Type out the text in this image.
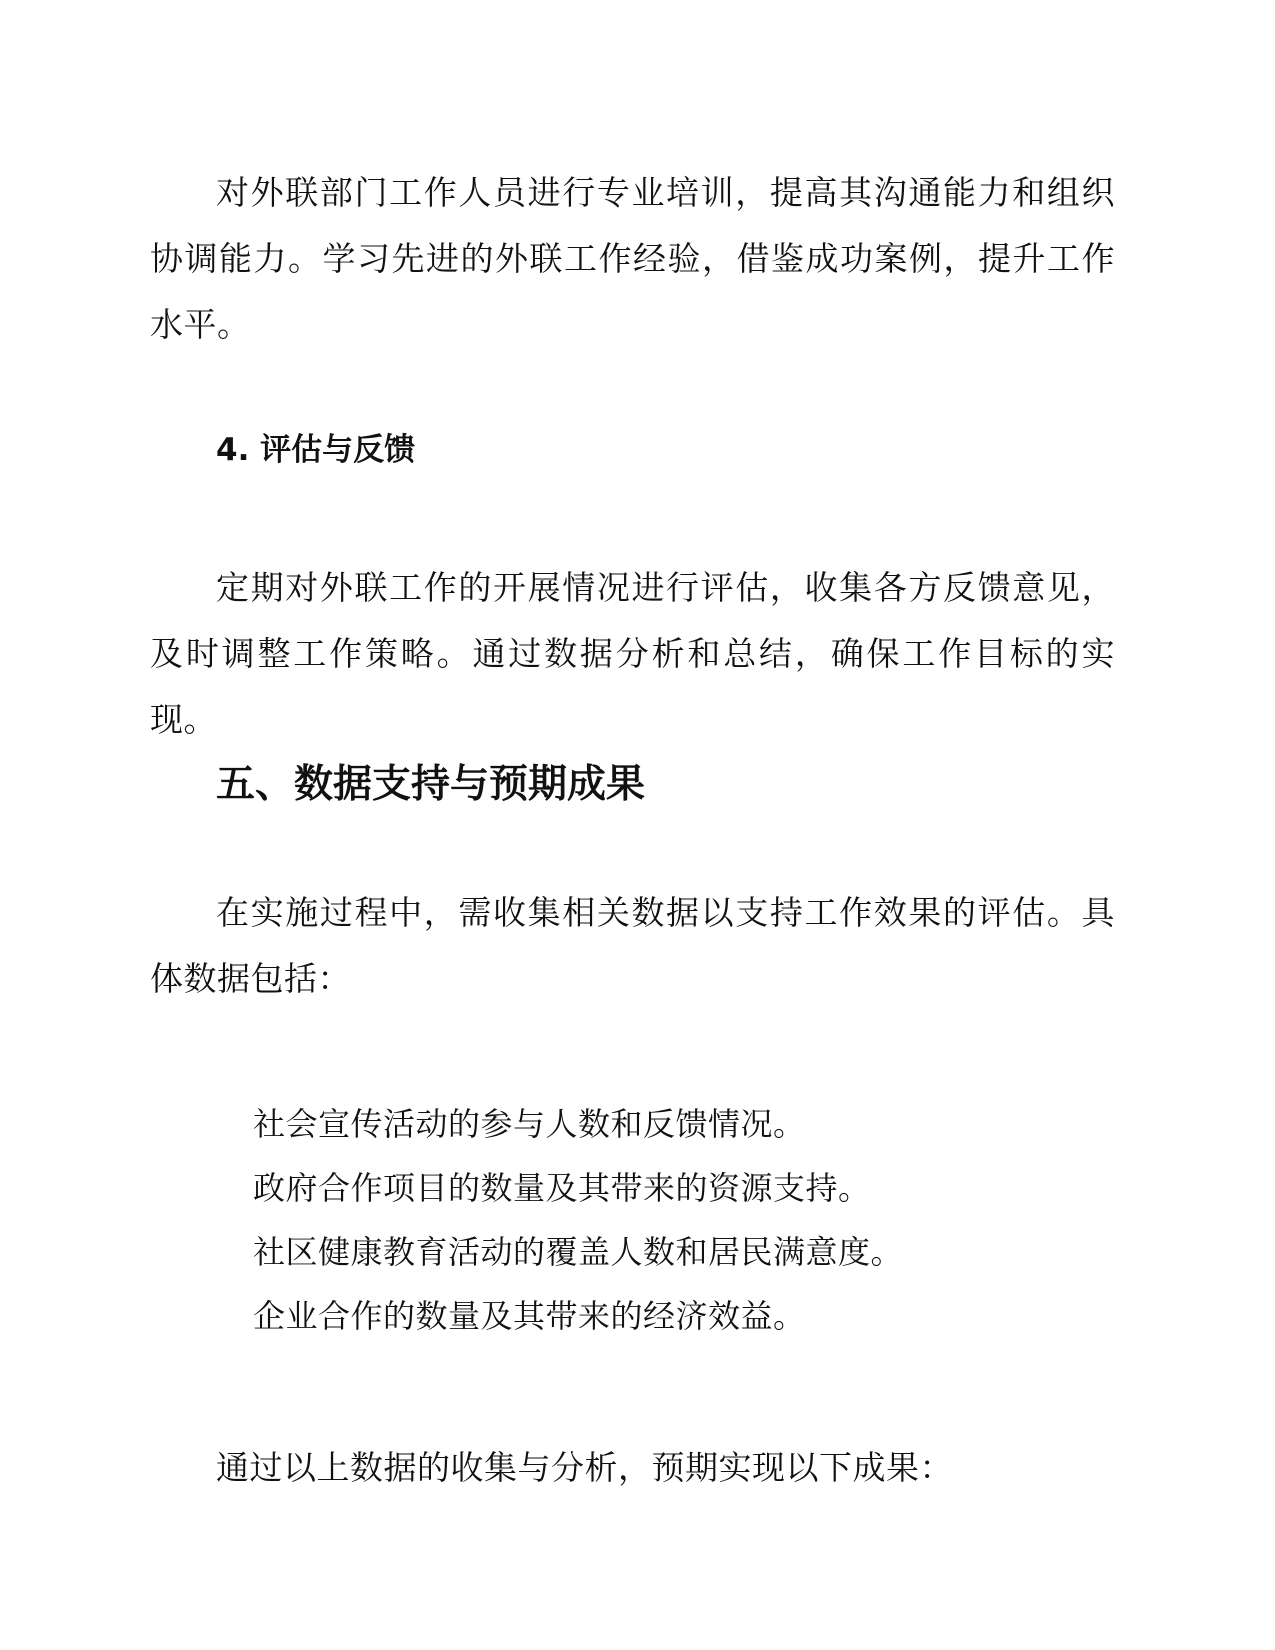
对外联部门工作人员进行专业培训，提高其沟通能力和组织协调能力。学习先进的外联工作经验，借鉴成功案例，提升工作水平。

4. 评估与反馈

定期对外联工作的开展情况进行评估，收集各方反馈意见，及时调整工作策略。通过数据分析和总结，确保工作目标的实现。

五、数据支持与预期成果

在实施过程中，需收集相关数据以支持工作效果的评估。具体数据包括：

社会宣传活动的参与人数和反馈情况。
政府合作项目的数量及其带来的资源支持。
社区健康教育活动的覆盖人数和居民满意度。
企业合作的数量及其带来的经济效益。

通过以上数据的收集与分析，预期实现以下成果：
